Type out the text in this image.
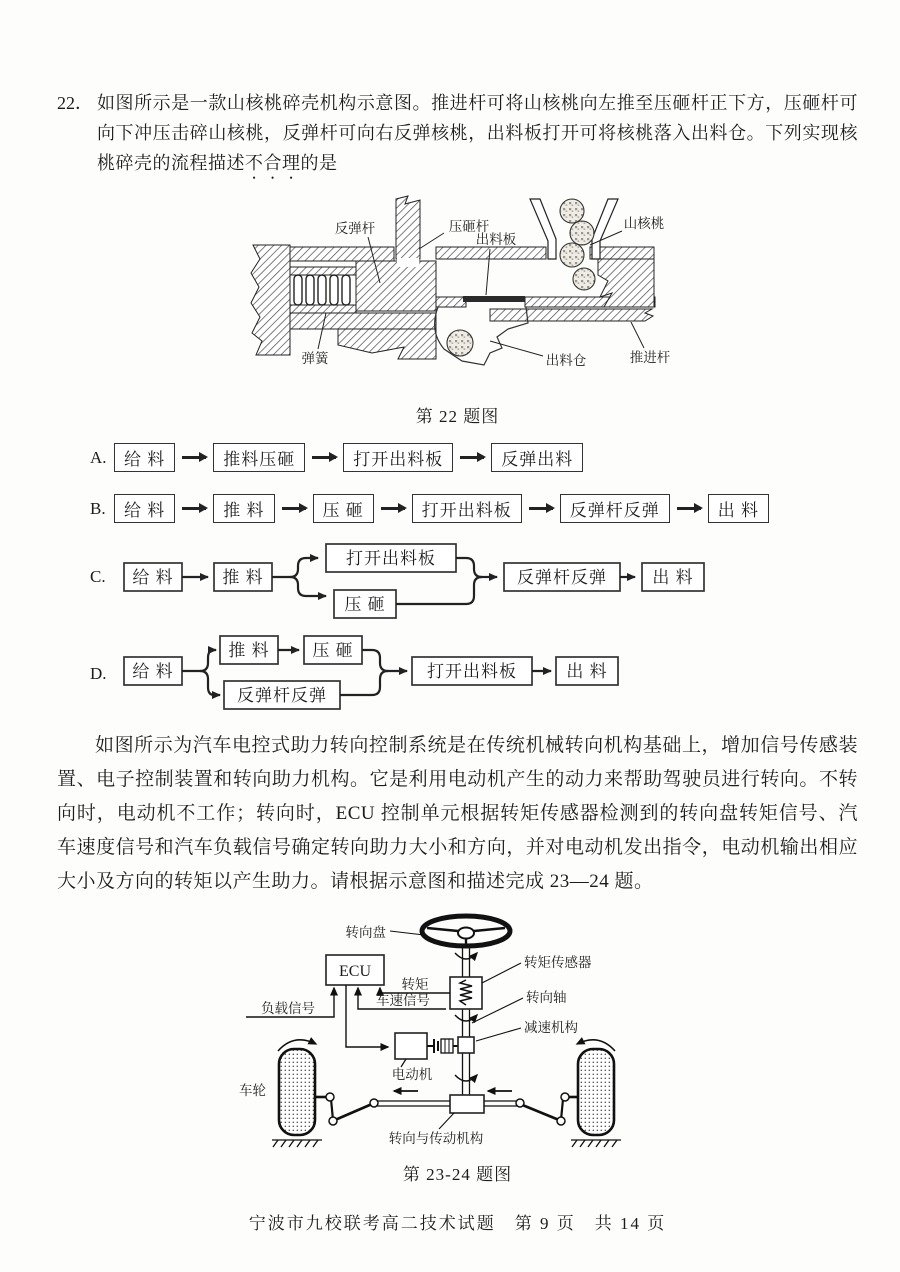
22． 如图所示是一款山核桃碎壳机构示意图。推进杆可将山核桃向左推至压砸杆正下方，压砸杆可向下冲压击碎山核桃，反弹杆可向右反弹核桃，出料板打开可将核桃落入出料仓。下列实现核桃碎壳的流程描述不合理的是
反弹杆	压砸杆
出料板
山核桃
弹簧	出料仓	推进杆
第 22 题图
A.	给 料	推料压砸	打开出料板	反弹出料
B.	给 料	推 料	压 砸	打开出料板	反弹杆反弹	出 料
C.	给 料	推 料
打开出料板
压 砸
反弹杆反弹	出 料
D.	给 料
推 料	压 砸
反弹杆反弹
打开出料板	出 料

如图所示为汽车电控式助力转向控制系统是在传统机械转向机构基础上，增加信号传感装置、电子控制装置和转向助力机构。它是利用电动机产生的动力来帮助驾驶员进行转向。不转向时，电动机不工作；转向时，ECU 控制单元根据转矩传感器检测到的转向盘转矩信号、汽车速度信号和汽车负载信号确定转向助力大小和方向，并对电动机发出指令，电动机输出相应大小及方向的转矩以产生助力。请根据示意图和描述完成 23—24 题。

ECU
转矩
车速信号
负载信号
电动机
转向盘
转矩传感器
转向轴
减速机构
车轮
转向与传动机构
第 23-24 题图
宁波市九校联考高二技术试题　第 9 页　共 14 页
